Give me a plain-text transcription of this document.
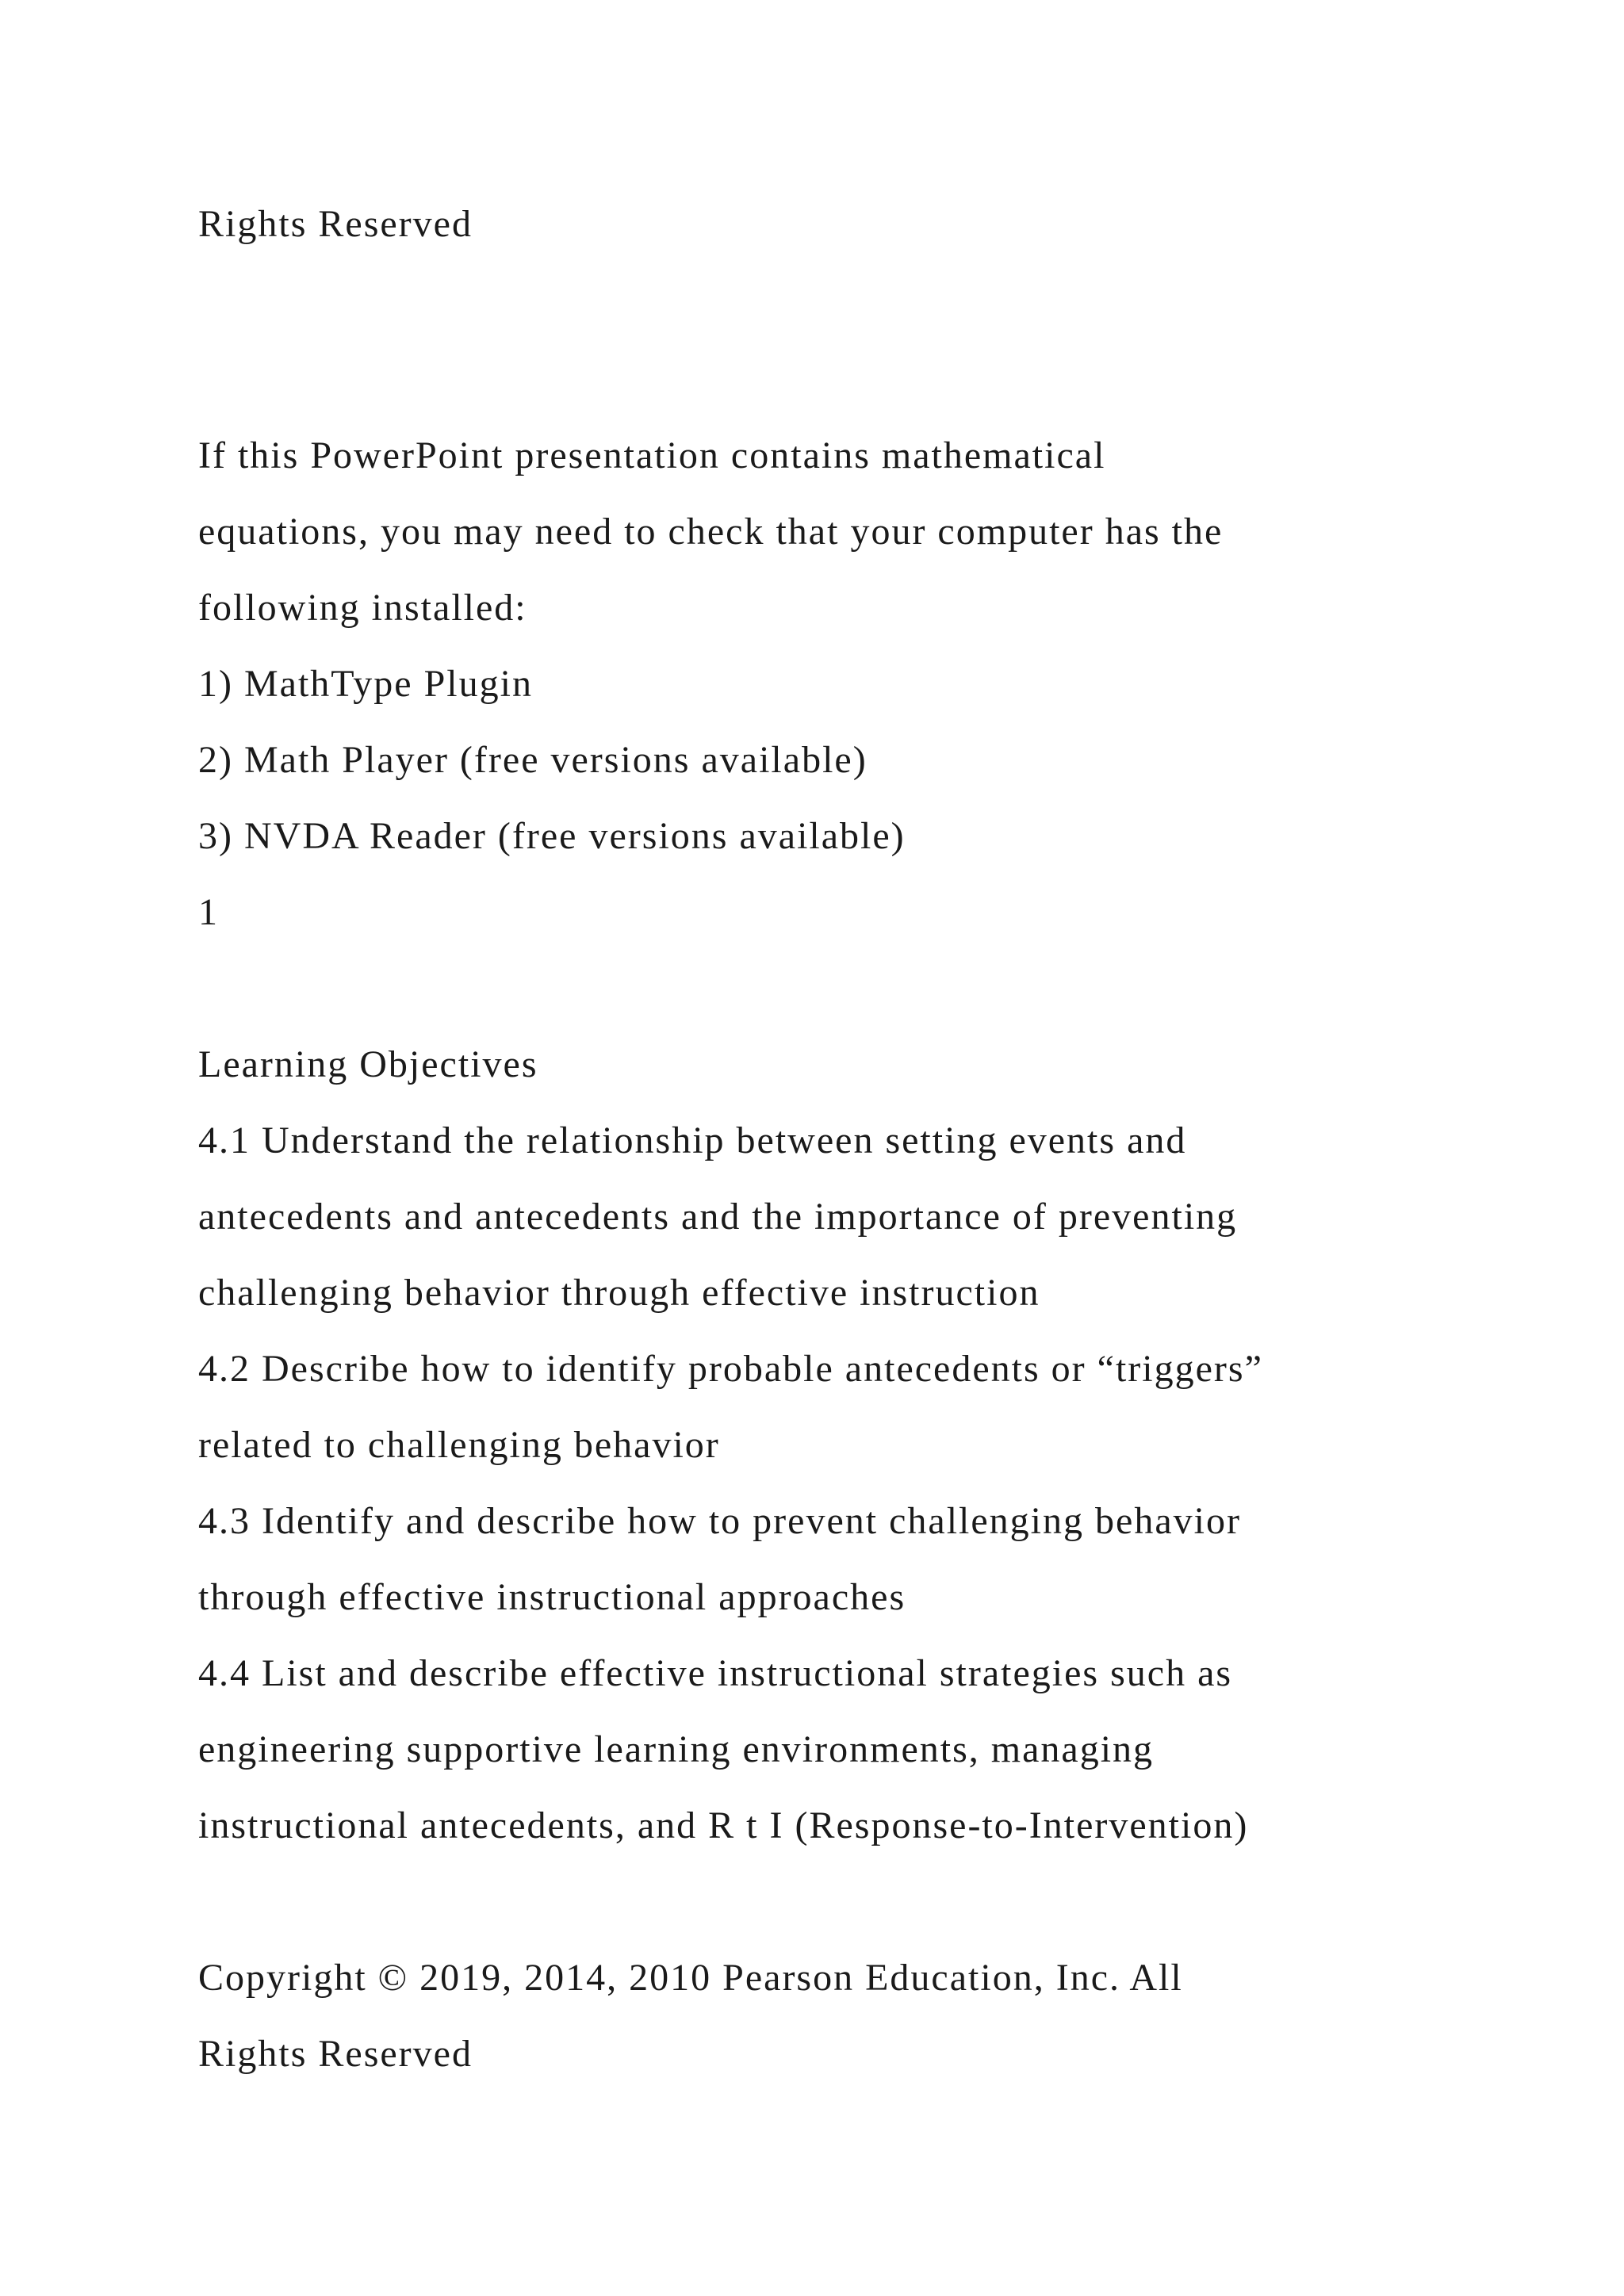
Rights Reserved

If this PowerPoint presentation contains mathematical

equations, you may need to check that your computer has the

following installed:

1) MathType Plugin

2) Math Player (free versions available)

3) NVDA Reader (free versions available)

1

Learning Objectives

4.1 Understand the relationship between setting events and

antecedents and antecedents and the importance of preventing

challenging behavior through effective instruction

4.2 Describe how to identify probable antecedents or “triggers”

related to challenging behavior

4.3 Identify and describe how to prevent challenging behavior

through effective instructional approaches

4.4 List and describe effective instructional strategies such as

engineering supportive learning environments, managing

instructional antecedents, and R t I (Response-to-Intervention)

Copyright © 2019, 2014, 2010 Pearson Education, Inc. All

Rights Reserved
